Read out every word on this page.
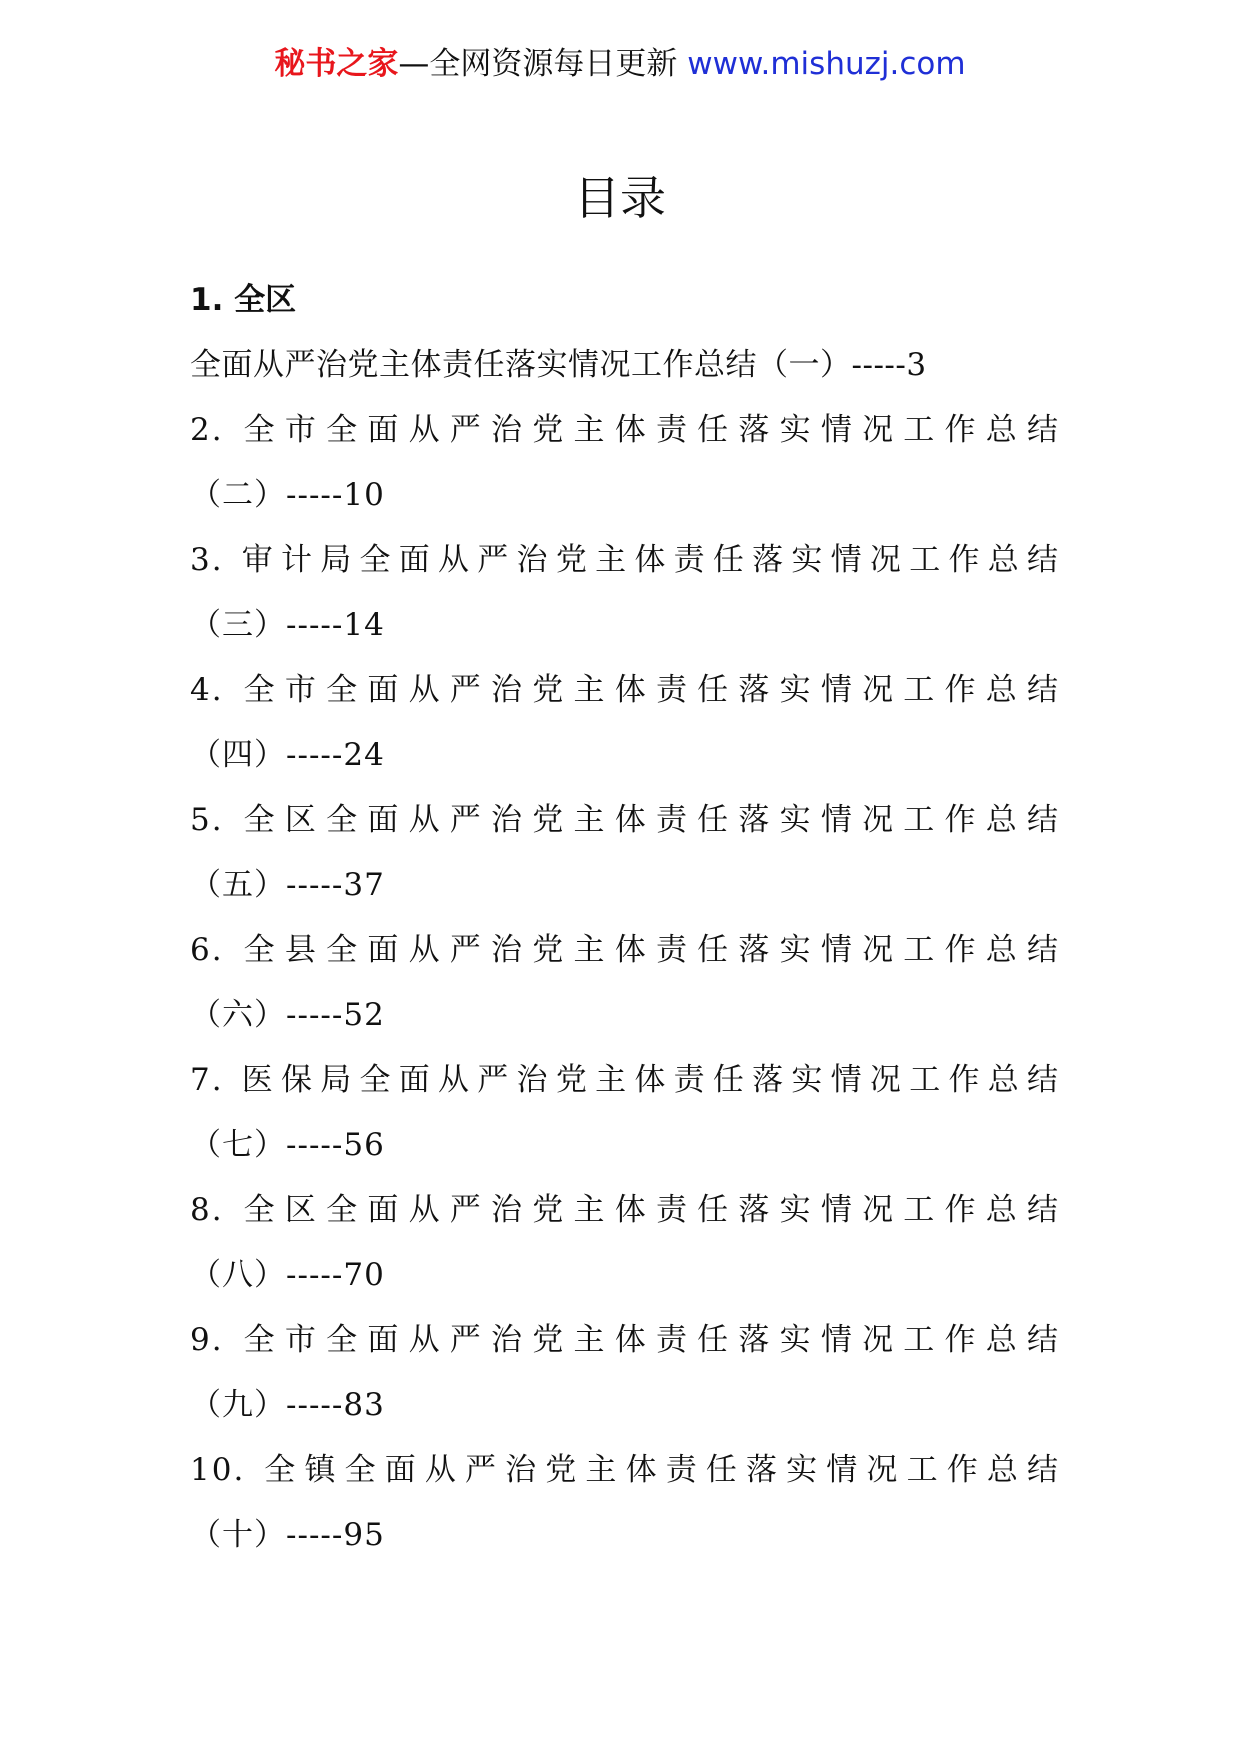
秘书之家—全网资源每日更新 www.mishuzj.com
目录
1. 全区
全面从严治党主体责任落实情况工作总结（一）-----3
2. 全市全面从严治党主体责任落实情况工作总结
（二）-----10
3. 审计局全面从严治党主体责任落实情况工作总结
（三）-----14
4. 全市全面从严治党主体责任落实情况工作总结
（四）-----24
5. 全区全面从严治党主体责任落实情况工作总结
（五）-----37
6. 全县全面从严治党主体责任落实情况工作总结
（六）-----52
7. 医保局全面从严治党主体责任落实情况工作总结
（七）-----56
8. 全区全面从严治党主体责任落实情况工作总结
（八）-----70
9. 全市全面从严治党主体责任落实情况工作总结
（九）-----83
10. 全镇全面从严治党主体责任落实情况工作总结
（十）-----95
